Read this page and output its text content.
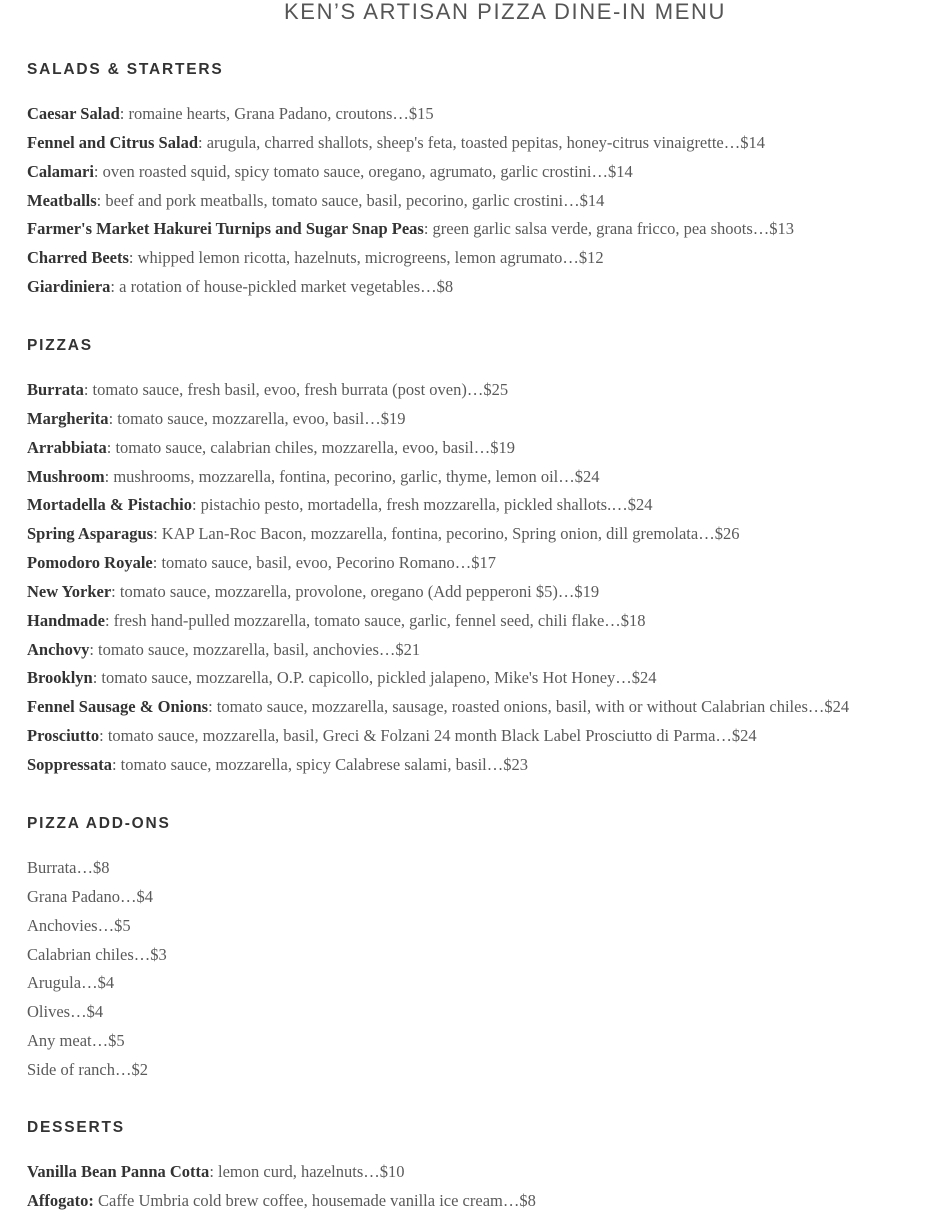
KEN’S ARTISAN PIZZA DINE-IN MENU
SALADS & STARTERS
Caesar Salad: romaine hearts, Grana Padano, croutons…$15
Fennel and Citrus Salad: arugula, charred shallots, sheep's feta, toasted pepitas, honey-citrus vinaigrette…$14
Calamari: oven roasted squid, spicy tomato sauce, oregano, agrumato, garlic crostini…$14
Meatballs: beef and pork meatballs, tomato sauce, basil, pecorino, garlic crostini…$14
Farmer's Market Hakurei Turnips and Sugar Snap Peas: green garlic salsa verde, grana fricco, pea shoots…$13
Charred Beets: whipped lemon ricotta, hazelnuts, microgreens, lemon agrumato…$12
Giardiniera: a rotation of house-pickled market vegetables…$8
PIZZAS
Burrata: tomato sauce, fresh basil, evoo, fresh burrata (post oven)…$25
Margherita: tomato sauce, mozzarella, evoo, basil…$19
Arrabbiata: tomato sauce, calabrian chiles, mozzarella, evoo, basil…$19
Mushroom: mushrooms, mozzarella, fontina, pecorino, garlic, thyme, lemon oil…$24
Mortadella & Pistachio: pistachio pesto, mortadella, fresh mozzarella, pickled shallots.…$24
Spring Asparagus: KAP Lan-Roc Bacon, mozzarella, fontina, pecorino, Spring onion, dill gremolata…$26
Pomodoro Royale: tomato sauce, basil, evoo, Pecorino Romano…$17
New Yorker: tomato sauce, mozzarella, provolone, oregano (Add pepperoni $5)…$19
Handmade: fresh hand-pulled mozzarella, tomato sauce, garlic, fennel seed, chili flake…$18
Anchovy: tomato sauce, mozzarella, basil, anchovies…$21
Brooklyn: tomato sauce, mozzarella, O.P. capicollo, pickled jalapeno, Mike's Hot Honey…$24
Fennel Sausage & Onions: tomato sauce, mozzarella, sausage, roasted onions, basil, with or without Calabrian chiles…$24
Prosciutto: tomato sauce, mozzarella, basil, Greci & Folzani 24 month Black Label Prosciutto di Parma…$24
Soppressata: tomato sauce, mozzarella, spicy Calabrese salami, basil…$23
PIZZA ADD-ONS
Burrata…$8
Grana Padano…$4
Anchovies…$5
Calabrian chiles…$3
Arugula…$4
Olives…$4
Any meat…$5
Side of ranch…$2
DESSERTS
Vanilla Bean Panna Cotta: lemon curd, hazelnuts…$10
Affogato: Caffe Umbria cold brew coffee, housemade vanilla ice cream…$8
